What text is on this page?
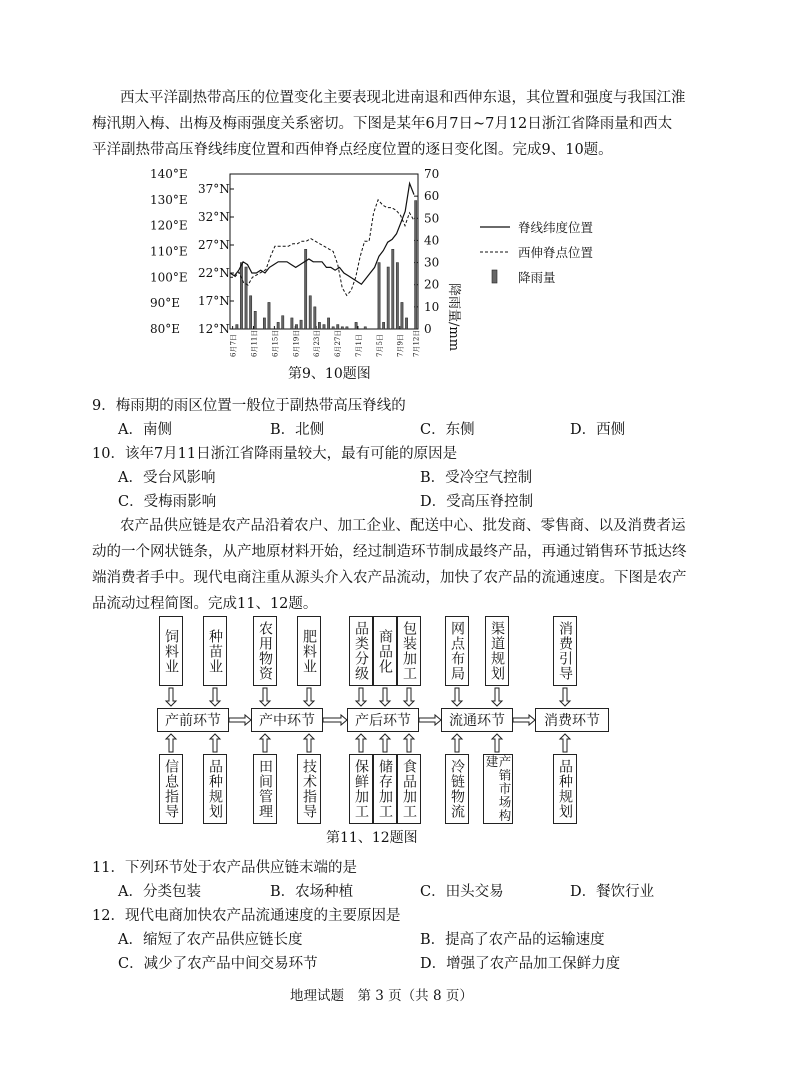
西太平洋副热带高压的位置变化主要表现北进南退和西伸东退，其位置和强度与我国江淮
梅汛期入梅、出梅及梅雨强度关系密切。下图是某年6月7日~7月12日浙江省降雨量和西太
平洋副热带高压脊线纬度位置和西伸脊点经度位置的逐日变化图。完成9、10题。
140°E
130°E
120°E
110°E
100°E
90°E
80°E
37°N
32°N
27°N
22°N
17°N
12°N
70
60
50
40
30
20
10
0 降雨量/mm
6月7日 6月11日 6月15日 6月19日 6月23日 6月27日 7月1日 7月5日 7月9日 7月12日
脊线纬度位置
西伸脊点位置
降雨量
第9、10题图
9．梅雨期的雨区位置一般位于副热带高压脊线的
A．南侧	B．北侧	C．东侧	D．西侧
10．该年7月11日浙江省降雨量较大，最有可能的原因是
A．受台风影响	B．受冷空气控制
C．受梅雨影响	D．受高压脊控制
农产品供应链是农产品沿着农户、加工企业、配送中心、批发商、零售商、以及消费者运
动的一个网状链条，从产地原材料开始，经过制造环节制成最终产品，再通过销售环节抵达终
端消费者手中。现代电商注重从源头介入农产品流动，加快了农产品的流通速度。下图是农产
品流动过程简图。完成11、12题。
饲料业 种苗业 农用物资 肥料业	品类分级 商品化 包装加工 网点布局 渠道规划	消费引导
产前环节	产中环节	产后环节	流通环节	消费环节
信息指导 品种规划 田间管理 技术指导	保鲜加工 储存加工 食品加工 冷链物流	产销市场构建	品种规划
第11、12题图
11．下列环节处于农产品供应链末端的是
A．分类包装	B．农场种植	C．田头交易	D．餐饮行业
12．现代电商加快农产品流通速度的主要原因是
A．缩短了农产品供应链长度	B．提高了农产品的运输速度
C．减少了农产品中间交易环节	D．增强了农产品加工保鲜力度
地理试题　第 3 页（共 8 页）
